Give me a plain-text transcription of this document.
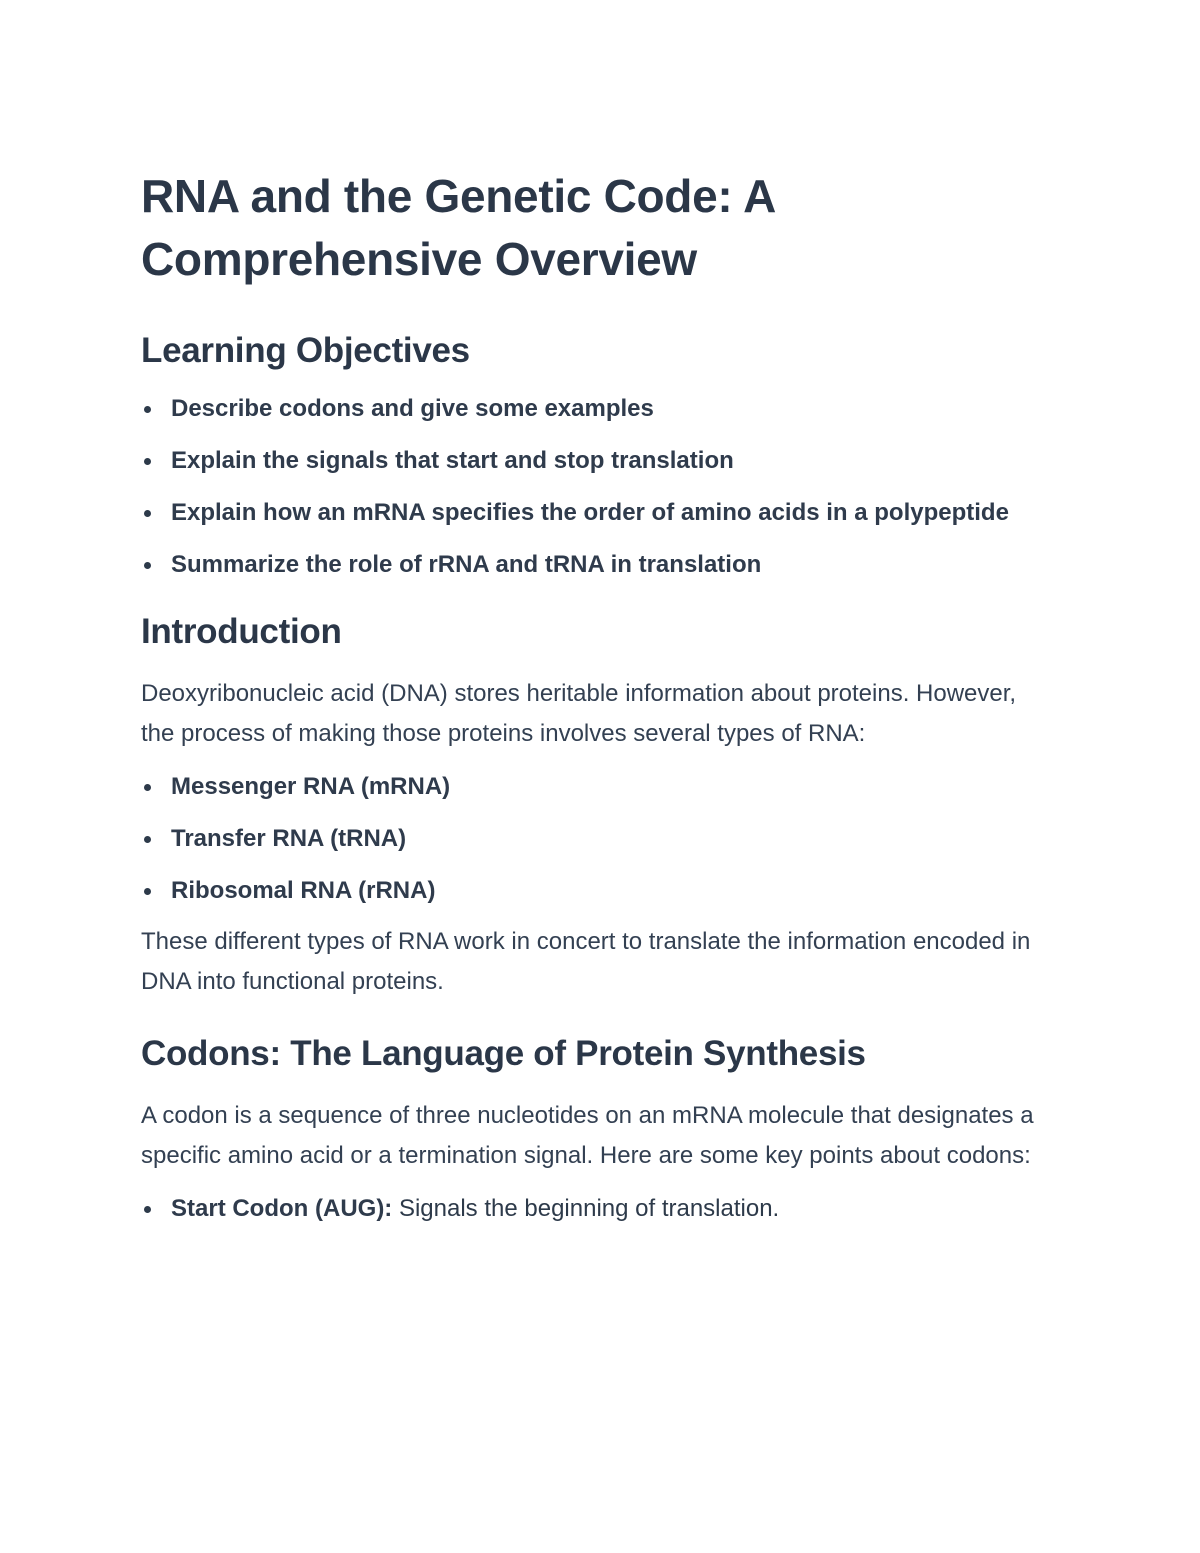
RNA and the Genetic Code: A Comprehensive Overview
Learning Objectives
Describe codons and give some examples
Explain the signals that start and stop translation
Explain how an mRNA specifies the order of amino acids in a polypeptide
Summarize the role of rRNA and tRNA in translation
Introduction

Deoxyribonucleic acid (DNA) stores heritable information about proteins. However, the process of making those proteins involves several types of RNA:

Messenger RNA (mRNA)
Transfer RNA (tRNA)
Ribosomal RNA (rRNA)

These different types of RNA work in concert to translate the information encoded in DNA into functional proteins.

Codons: The Language of Protein Synthesis

A codon is a sequence of three nucleotides on an mRNA molecule that designates a specific amino acid or a termination signal. Here are some key points about codons:

Start Codon (AUG): Signals the beginning of translation.
